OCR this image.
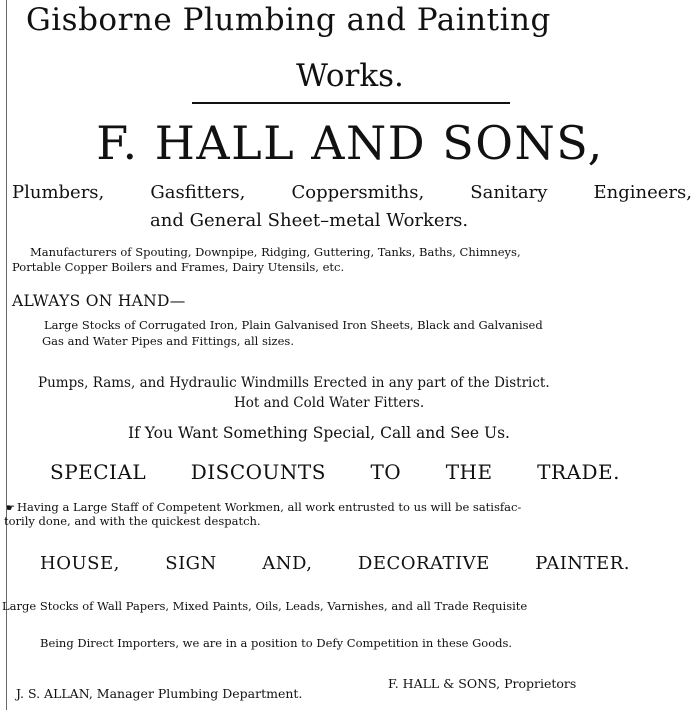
Gisborne Plumbing and Painting
Works.
F. HALL AND SONS,
Plumbers,	Gasfitters,	Coppersmiths,	Sanitary	Engineers,
and General Sheet–metal Workers.
Manufacturers of Spouting, Downpipe, Ridging, Guttering, Tanks, Baths, Chimneys,
Portable Copper Boilers and Frames, Dairy Utensils, etc.
ALWAYS ON HAND—
Large Stocks of Corrugated Iron, Plain Galvanised Iron Sheets, Black and Galvanised
Gas and Water Pipes and Fittings, all sizes.
Pumps, Rams, and Hydraulic Windmills Erected in any part of the District.
Hot and Cold Water Fitters.
If You Want Something Special, Call and See Us.
SPECIAL DISCOUNTS TO THE TRADE.
☛ Having a Large Staff of Competent Workmen, all work entrusted to us will be satisfac-
torily done, and with the quickest despatch.
HOUSE,	SIGN	AND,	DECORATIVE	PAINTER.
Large Stocks of Wall Papers, Mixed Paints, Oils, Leads, Varnishes, and all Trade Requisite
Being Direct Importers, we are in a position to Defy Competition in these Goods.
F. HALL & SONS, Proprietors
J. S. ALLAN, Manager Plumbing Department.
